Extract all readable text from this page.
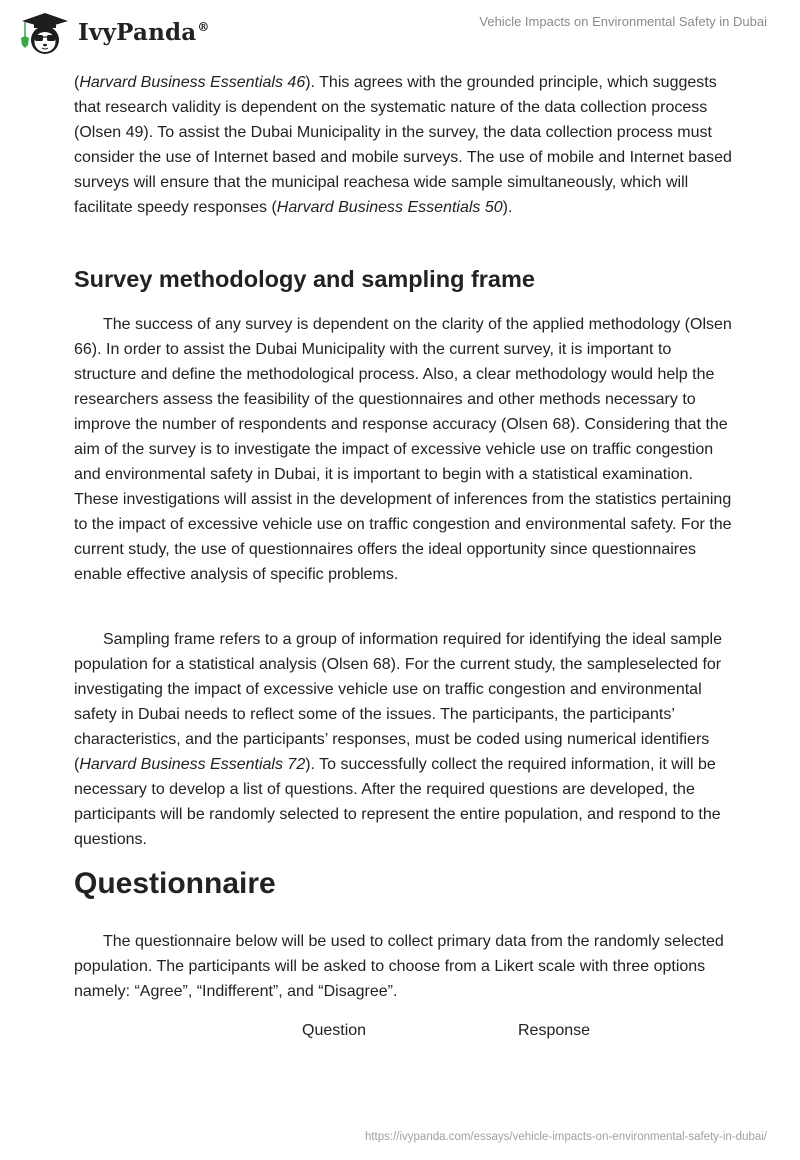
IvyPanda®	Vehicle Impacts on Environmental Safety in Dubai

(Harvard Business Essentials 46). This agrees with the grounded principle, which suggests that research validity is dependent on the systematic nature of the data collection process (Olsen 49). To assist the Dubai Municipality in the survey, the data collection process must consider the use of Internet based and mobile surveys. The use of mobile and Internet based surveys will ensure that the municipal reachesa wide sample simultaneously, which will facilitate speedy responses (Harvard Business Essentials 50).

Survey methodology and sampling frame

The success of any survey is dependent on the clarity of the applied methodology (Olsen 66). In order to assist the Dubai Municipality with the current survey, it is important to structure and define the methodological process. Also, a clear methodology would help the researchers assess the feasibility of the questionnaires and other methods necessary to improve the number of respondents and response accuracy (Olsen 68). Considering that the aim of the survey is to investigate the impact of excessive vehicle use on traffic congestion and environmental safety in Dubai, it is important to begin with a statistical examination. These investigations will assist in the development of inferences from the statistics pertaining to the impact of excessive vehicle use on traffic congestion and environmental safety. For the current study, the use of questionnaires offers the ideal opportunity since questionnaires enable effective analysis of specific problems.

Sampling frame refers to a group of information required for identifying the ideal sample population for a statistical analysis (Olsen 68). For the current study, the sampleselected for investigating the impact of excessive vehicle use on traffic congestion and environmental safety in Dubai needs to reflect some of the issues. The participants, the participants’ characteristics, and the participants’ responses, must be coded using numerical identifiers (Harvard Business Essentials 72). To successfully collect the required information, it will be necessary to develop a list of questions. After the required questions are developed, the participants will be randomly selected to represent the entire population, and respond to the questions.

Questionnaire

The questionnaire below will be used to collect primary data from the randomly selected population. The participants will be asked to choose from a Likert scale with three options namely: “Agree”, “Indifferent”, and “Disagree”.

Question	Response
https://ivypanda.com/essays/vehicle-impacts-on-environmental-safety-in-dubai/
